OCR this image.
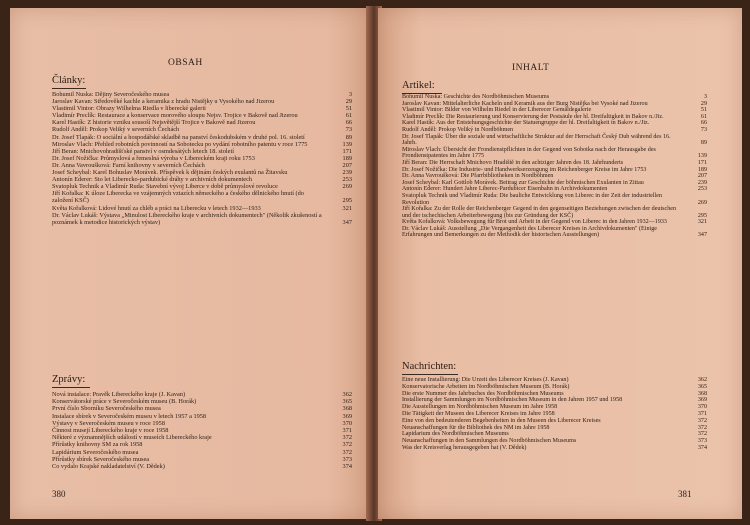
OBSAH
Články:
Bohumil Nuska: Dějiny Severočeského musea	3
Jaroslav Kavan: Středověké kachle a keramika z hradu Nistějky u Vysokého nad Jizerou	29
Vlastimil Vintor: Obrazy Wilhelma Riedla v liberecké galerii	51
Vladimír Preclík: Restaurace a konservace morového sloupu Nejsv. Trojice v Bakově nad Jizerou	61
Karel Hastík: Z historie vzniku sousoší Nejsvětější Trojice v Bakově nad Jizerou	66
Rudolf Anděl: Prokop Veliký v severních Čechách	73
Dr. Josef Tlapák: O sociální a hospodářské skladbě na panství českodubském v druhé pol. 16. století	89
Miroslav Vlach: Přehled robotních povinností na Sobotecku po vydání robotního patentu v roce 1775	139
Jiří Beran: Mnichovohradišťské panství v osmdesátých letech 18. století	171
Dr. Josef Nožička: Průmyslová a řemeslná výroba v Libereckém kraji roku 1753	189
Dr. Anna Vavroušková: Farní knihovny v severních Čechách	207
Josef Scheybal: Karel Bohuslav Morávek. Příspěvek k dějinám českých exulantů na Žitavsku	239
Antonín Ederer: Sto let Liberecko-pardubické dráhy v archivních dokumentech	253
Svatopluk Technik a Vladimír Ruda: Stavební vývoj Liberce v době průmyslové revoluce	269
Jiří Kořalka: K úloze Liberecka ve vzájemných vztazích německého a českého dělnického hnutí (do založení KSČ)	295
Květa Kořalková: Lidové hnutí za chléb a práci na Liberecku v letech 1932—1933	321
Dr. Václav Lukáš: Výstava „Minulost Libereckého kraje v archivních dokumentech" (Několik zkušeností a poznámek k metodice historických výstav)	347
Zprávy:
Nová instalace: Pravěk Libereckého kraje (J. Kavan)	362
Konservátorské práce v Severočeském museu (B. Horák)	365
První číslo Sborníku Severočeského musea	368
Instalace sbírek v Severočeském museu v letech 1957 a 1958	369
Výstavy v Severočeském museu v roce 1958	370
Činnost musejí Libereckého kraje v roce 1958	371
Některé z významnějších událostí v museích Libereckého kraje	372
Přírůstky knihovny SM za rok 1958	372
Lapidárium Severočeského musea	372
Přírůstky sbírek Severočeského musea	373
Co vydalo Krajské nakladatelství (V. Dědek)	374
380
INHALT
Artikel:
Bohumil Nuska: Geschichte des Nordböhmischen Museums	3
Jaroslav Kavan: Mittelalterliche Kacheln und Keramik aus der Burg Nistějka bei Vysoké nad Jizerou	29
Vlastimil Vintor: Bilder von Wilhelm Riedel in der Liberecer Gemäldegalerie	51
Vladimír Preclík: Die Restaurierung und Konservierung der Pestsäule der hl. Dreifaltigkeit in Bakov n./Jiz.	61
Karel Hastík: Aus der Entstehungsgeschichte der Statuengruppe der hl. Dreifaltigkeit in Bakov n./Jiz.	66
Rudolf Anděl: Prokop Veliký in Nordböhmen	73
Dr. Josef Tlapák: Über die soziale und wirtschaftliche Struktur auf der Herrschaft Český Dub während des 16. Jahrh.	89
Miroslav Vlach: Übersicht der Frondienstpflichten in der Gegend von Sobotka nach der Herausgabe des Frondienstpatentes im Jahre 1775	139
Jiří Beran: Die Herrschaft Mnichovo Hradiště in den achtziger Jahren des 18. Jahrhunderts	171
Dr. Josef Nožička: Die Industrie- und Handwerkserzeugung im Reichenberger Kreise im Jahre 1753	189
Dr. Anna Vavroušková: Die Pfarrbibliotheken in Nordböhmen	207
Josef Scheybal: Karl Gottlob Morávek. Beitrag zur Geschichte der böhmischen Exulanten in Zittau	239
Antonín Ederer: Hundert Jahre Liberec-Pardubicer Eisenbahn in Archivdokumenten	253
Svatopluk Technik und Vladimír Ruda: Die bauliche Entwicklung von Liberec in der Zeit der industriellen Revolution	269
Jiří Kořalka: Zu der Rolle der Reichenberger Gegend in den gegenseitigen Beziehungen zwischen der deutschen und der tschechischen Arbeiterbewegung (bis zur Gründung der KSČ)	295
Květa Kořalková: Volksbewegung für Brot und Arbeit in der Gegend von Liberec in den Jahren 1932—1933	321
Dr. Václav Lukáš: Ausstellung „Die Vergangenheit des Liberecer Kreises in Archivdokumenten" (Einige Erfahrungen und Bemerkungen zu der Methodik der historischen Ausstellungen)	347
Nachrichten:
Eine neue Installierung: Die Urzeit des Liberecer Kreises (J. Kavan)	362
Konservatorische Arbeiten im Nordböhmischen Museum (B. Horák)	365
Die erste Nummer des Jahrbuches des Nordböhmischen Museums	368
Installierung der Sammlungen im Nordböhmischen Museum in den Jahren 1957 und 1958	369
Die Ausstellungen im Nordböhmischen Museum im Jahre 1958	370
Die Tätigkeit der Museen des Liberecer Kreises im Jahre 1958	371
Eine von den bedeutenderen Begebenheiten in den Museen des Liberecer Kreises	372
Neuanschaffungen für die Bibliothek des NM im Jahre 1958	372
Lapidarium des Nordböhmischen Museums	372
Neuanschaffungen in den Sammlungen des Nordböhmischen Museums	373
Was der Kreisverlag herausgegeben hat (V. Dědek)	374
381
